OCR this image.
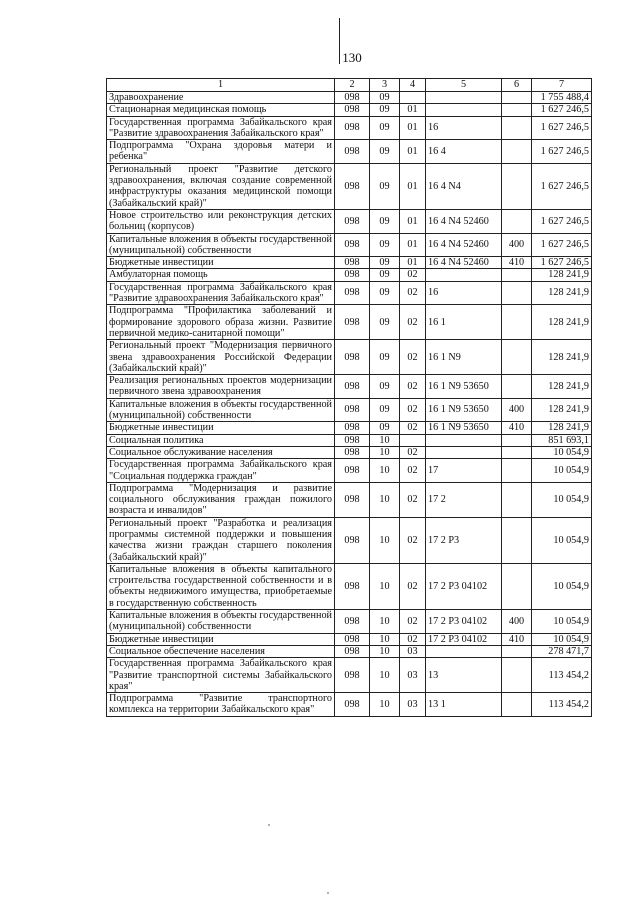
130
1	2	3	4	5	6	7
Здравоохранение	098	09				1 755 488,4
Стационарная медицинская помощь	098	09	01			1 627 246,5
Государственная программа Забайкальского края "Развитие здравоохранения Забайкальского края"	098	09	01	16		1 627 246,5
Подпрограмма "Охрана здоровья матери и ребенка"	098	09	01	16 4		1 627 246,5
Региональный проект "Развитие детского здравоохранения, включая создание современной инфраструктуры оказания медицинской помощи (Забайкальский край)"	098	09	01	16 4 N4		1 627 246,5
Новое строительство или реконструкция детских больниц (корпусов)	098	09	01	16 4 N4 52460		1 627 246,5
Капитальные вложения в объекты государственной (муниципальной) собственности	098	09	01	16 4 N4 52460	400	1 627 246,5
Бюджетные инвестиции	098	09	01	16 4 N4 52460	410	1 627 246,5
Амбулаторная помощь	098	09	02			128 241,9
Государственная программа Забайкальского края "Развитие здравоохранения Забайкальского края"	098	09	02	16		128 241,9
Подпрограмма "Профилактика заболеваний и формирование здорового образа жизни. Развитие первичной медико-санитарной помощи"	098	09	02	16 1		128 241,9
Региональный проект "Модернизация первичного звена здравоохранения Российской Федерации (Забайкальский край)"	098	09	02	16 1 N9		128 241,9
Реализация региональных проектов модернизации первичного звена здравоохранения	098	09	02	16 1 N9 53650		128 241,9
Капитальные вложения в объекты государственной (муниципальной) собственности	098	09	02	16 1 N9 53650	400	128 241,9
Бюджетные инвестиции	098	09	02	16 1 N9 53650	410	128 241,9
Социальная политика	098	10				851 693,1
Социальное обслуживание населения	098	10	02			10 054,9
Государственная программа Забайкальского края "Социальная поддержка граждан"	098	10	02	17		10 054,9
Подпрограмма "Модернизация и развитие социального обслуживания граждан пожилого возраста и инвалидов"	098	10	02	17 2		10 054,9
Региональный проект "Разработка и реализация программы системной поддержки и повышения качества жизни граждан старшего поколения (Забайкальский край)"	098	10	02	17 2 P3		10 054,9
Капитальные вложения в объекты капитального строительства государственной собственности и в объекты недвижимого имущества, приобретаемые в государственную собственность	098	10	02	17 2 P3 04102		10 054,9
Капитальные вложения в объекты государственной (муниципальной) собственности	098	10	02	17 2 P3 04102	400	10 054,9
Бюджетные инвестиции	098	10	02	17 2 P3 04102	410	10 054,9
Социальное обеспечение населения	098	10	03			278 471,7
Государственная программа Забайкальского края "Развитие транспортной системы Забайкальского края"	098	10	03	13		113 454,2
Подпрограмма "Развитие транспортного комплекса на территории Забайкальского края"	098	10	03	13 1		113 454,2
